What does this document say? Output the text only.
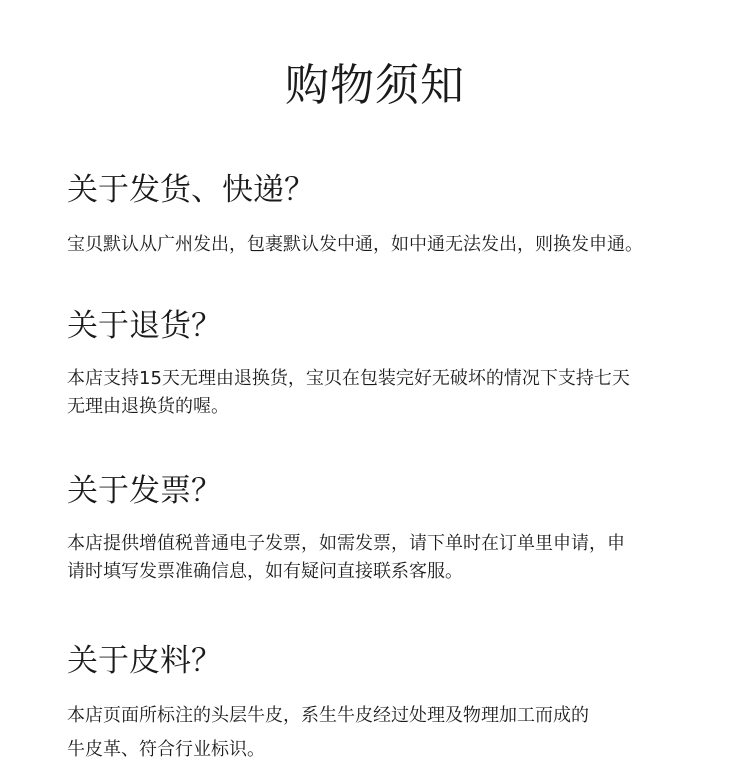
购物须知
关于发货、快递？

宝贝默认从广州发出，包裹默认发中通，如中通无法发出，则换发申通。

关于退货？

本店支持15天无理由退换货，宝贝在包装完好无破坏的情况下支持七天
无理由退换货的喔。

关于发票？

本店提供增值税普通电子发票，如需发票，请下单时在订单里申请，申
请时填写发票准确信息，如有疑问直接联系客服。

关于皮料？

本店页面所标注的头层牛皮，系生牛皮经过处理及物理加工而成的
牛皮革、符合行业标识。
